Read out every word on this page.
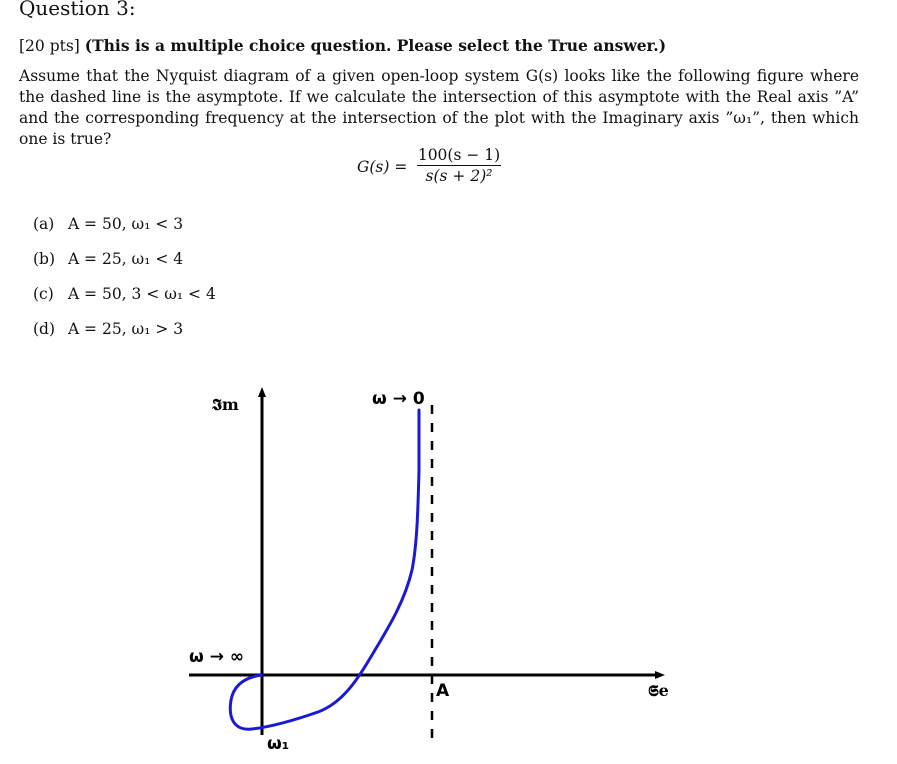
Question 3:
[20 pts] (This is a multiple choice question. Please select the True answer.)
Assume that the Nyquist diagram of a given open-loop system G(s) looks like the following figure where the dashed line is the asymptote. If we calculate the intersection of this asymptote with the Real axis ”A” and the corresponding frequency at the intersection of the plot with the Imaginary axis ”ω₁”, then which one is true?
$G(s) = \frac{100(s - 1)}{\text{s(s + 2)²}}$
(a) A = 50, ω₁ < 3
(b) A = 25, ω₁ < 4
(c) A = 50, 3 < ω₁ < 4
(d) A = 25, ω₁ > 3
𝕴m
𝕾e
ω → 0
ω → ∞
ω₁
A
